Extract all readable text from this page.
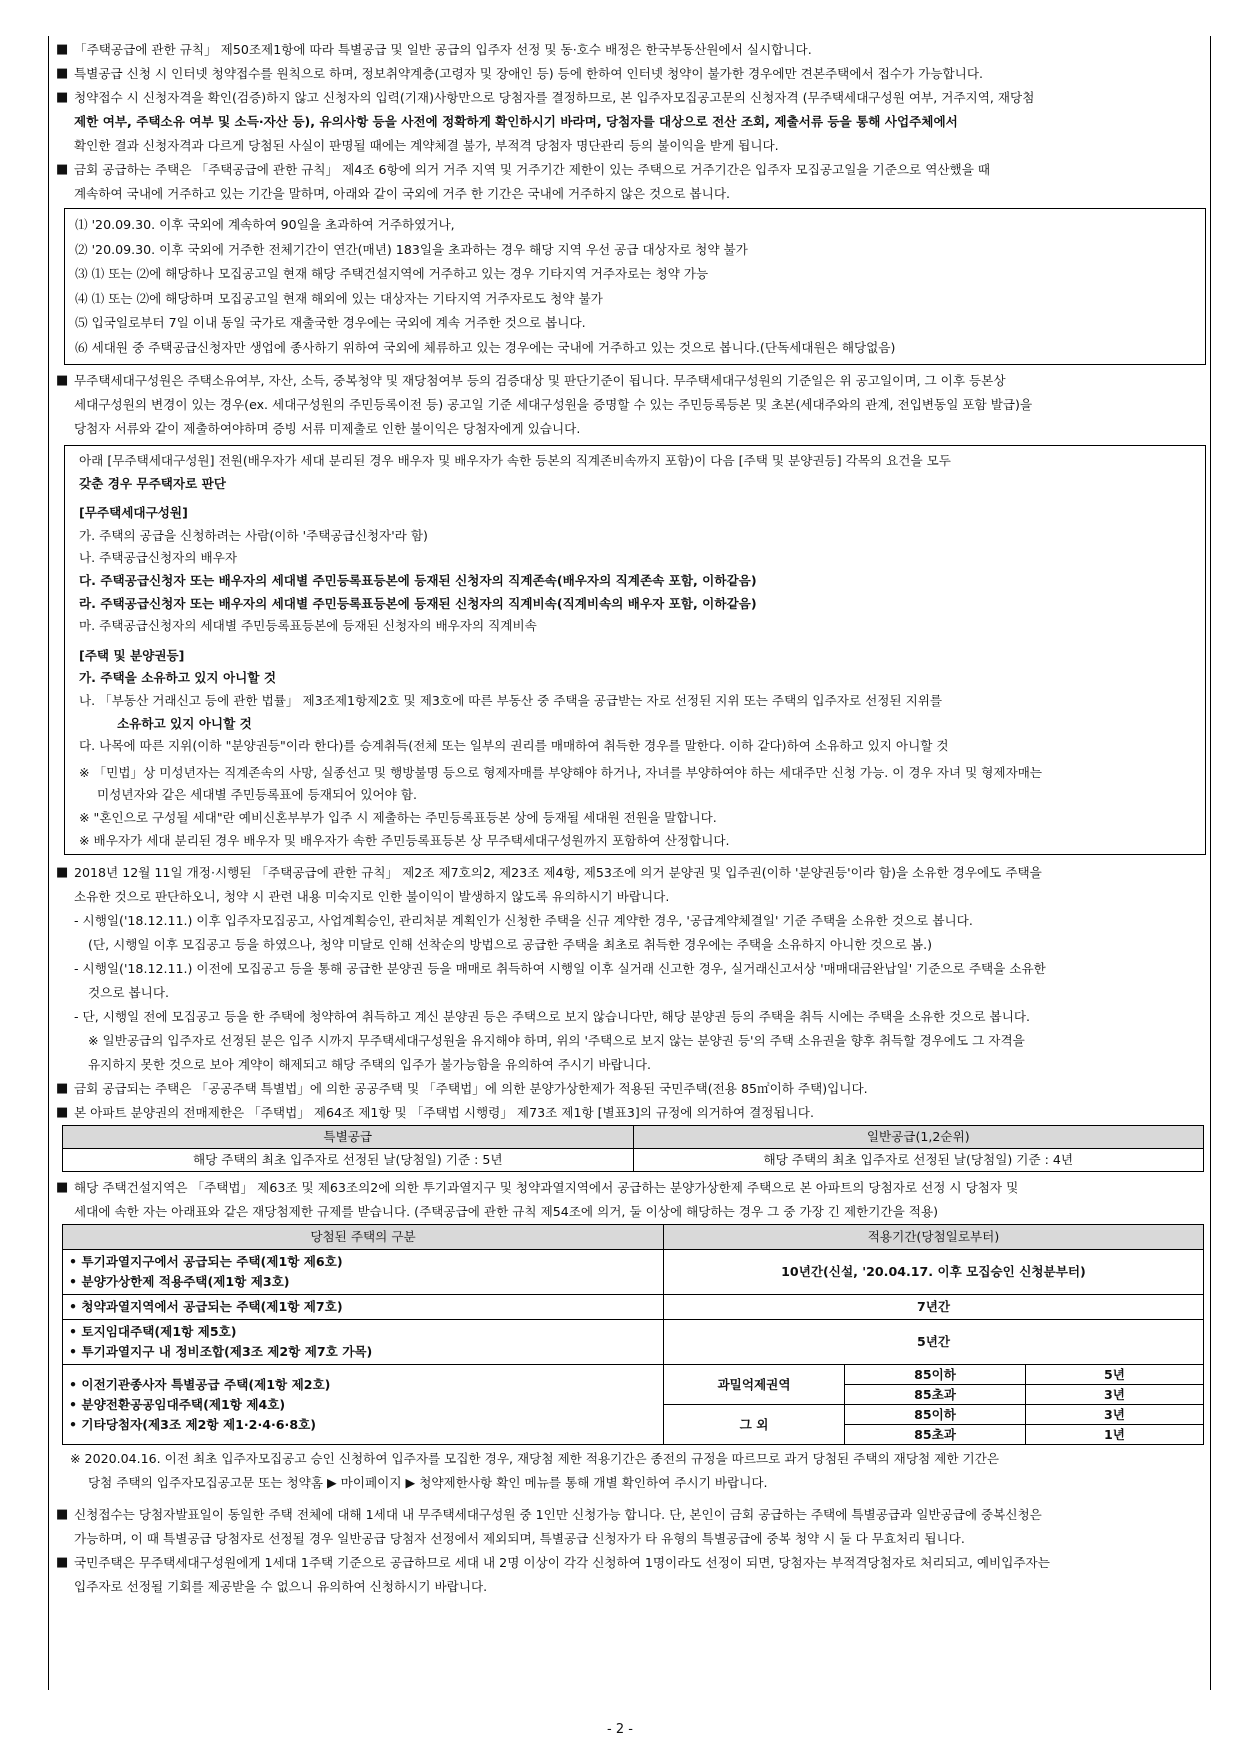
■ 「주택공급에 관한 규칙」 제50조제1항에 따라 특별공급 및 일반 공급의 입주자 선정 및 동·호수 배정은 한국부동산원에서 실시합니다.
■ 특별공급 신청 시 인터넷 청약접수를 원칙으로 하며, 정보취약계층(고령자 및 장애인 등) 등에 한하여 인터넷 청약이 불가한 경우에만 견본주택에서 접수가 가능합니다.
■ 청약접수 시 신청자격을 확인(검증)하지 않고 신청자의 입력(기재)사항만으로 당첨자를 결정하므로, 본 입주자모집공고문의 신청자격 (무주택세대구성원 여부, 거주지역, 재당첨
제한 여부, 주택소유 여부 및 소득·자산 등), 유의사항 등을 사전에 정확하게 확인하시기 바라며, 당첨자를 대상으로 전산 조회, 제출서류 등을 통해 사업주체에서
확인한 결과 신청자격과 다르게 당첨된 사실이 판명될 때에는 계약체결 불가, 부적격 당첨자 명단관리 등의 불이익을 받게 됩니다.
■ 금회 공급하는 주택은 「주택공급에 관한 규칙」 제4조 6항에 의거 거주 지역 및 거주기간 제한이 있는 주택으로 거주기간은 입주자 모집공고일을 기준으로 역산했을 때
계속하여 국내에 거주하고 있는 기간을 말하며, 아래와 같이 국외에 거주 한 기간은 국내에 거주하지 않은 것으로 봅니다.
⑴ '20.09.30. 이후 국외에 계속하여 90일을 초과하여 거주하였거나,
⑵ '20.09.30. 이후 국외에 거주한 전체기간이 연간(매년) 183일을 초과하는 경우 해당 지역 우선 공급 대상자로 청약 불가
⑶ ⑴ 또는 ⑵에 해당하나 모집공고일 현재 해당 주택건설지역에 거주하고 있는 경우 기타지역 거주자로는 청약 가능
⑷ ⑴ 또는 ⑵에 해당하며 모집공고일 현재 해외에 있는 대상자는 기타지역 거주자로도 청약 불가
⑸ 입국일로부터 7일 이내 동일 국가로 재출국한 경우에는 국외에 계속 거주한 것으로 봅니다.
⑹ 세대원 중 주택공급신청자만 생업에 종사하기 위하여 국외에 체류하고 있는 경우에는 국내에 거주하고 있는 것으로 봅니다.(단독세대원은 해당없음)
■ 무주택세대구성원은 주택소유여부, 자산, 소득, 중복청약 및 재당첨여부 등의 검증대상 및 판단기준이 됩니다. 무주택세대구성원의 기준일은 위 공고일이며, 그 이후 등본상
세대구성원의 변경이 있는 경우(ex. 세대구성원의 주민등록이전 등) 공고일 기준 세대구성원을 증명할 수 있는 주민등록등본 및 초본(세대주와의 관계, 전입변동일 포함 발급)을
당첨자 서류와 같이 제출하여야하며 증빙 서류 미제출로 인한 불이익은 당첨자에게 있습니다.
아래 [무주택세대구성원] 전원(배우자가 세대 분리된 경우 배우자 및 배우자가 속한 등본의 직계존비속까지 포함)이 다음 [주택 및 분양권등] 각목의 요건을 모두
갖춘 경우 무주택자로 판단
[무주택세대구성원]
가. 주택의 공급을 신청하려는 사람(이하 '주택공급신청자'라 함)
나. 주택공급신청자의 배우자
다. 주택공급신청자 또는 배우자의 세대별 주민등록표등본에 등재된 신청자의 직계존속(배우자의 직계존속 포함, 이하같음)
라. 주택공급신청자 또는 배우자의 세대별 주민등록표등본에 등재된 신청자의 직계비속(직계비속의 배우자 포함, 이하같음)
마. 주택공급신청자의 세대별 주민등록표등본에 등재된 신청자의 배우자의 직계비속
[주택 및 분양권등]
가. 주택을 소유하고 있지 아니할 것
나. 「부동산 거래신고 등에 관한 법률」 제3조제1항제2호 및 제3호에 따른 부동산 중 주택을 공급받는 자로 선정된 지위 또는 주택의 입주자로 선정된 지위를
소유하고 있지 아니할 것
다. 나목에 따른 지위(이하 "분양권등"이라 한다)를 승계취득(전체 또는 일부의 권리를 매매하여 취득한 경우를 말한다. 이하 같다)하여 소유하고 있지 아니할 것
※ 「민법」상 미성년자는 직계존속의 사망, 실종선고 및 행방불명 등으로 형제자매를 부양해야 하거나, 자녀를 부양하여야 하는 세대주만 신청 가능. 이 경우 자녀 및 형제자매는
미성년자와 같은 세대별 주민등록표에 등재되어 있어야 함.
※ "혼인으로 구성될 세대"란 예비신혼부부가 입주 시 제출하는 주민등록표등본 상에 등재될 세대원 전원을 말합니다.
※ 배우자가 세대 분리된 경우 배우자 및 배우자가 속한 주민등록표등본 상 무주택세대구성원까지 포함하여 산정합니다.
■ 2018년 12월 11일 개정·시행된 「주택공급에 관한 규칙」 제2조 제7호의2, 제23조 제4항, 제53조에 의거 분양권 및 입주권(이하 '분양권등'이라 함)을 소유한 경우에도 주택을
소유한 것으로 판단하오니, 청약 시 관련 내용 미숙지로 인한 불이익이 발생하지 않도록 유의하시기 바랍니다.
- 시행일('18.12.11.) 이후 입주자모집공고, 사업계획승인, 관리처분 계획인가 신청한 주택을 신규 계약한 경우, '공급계약체결일' 기준 주택을 소유한 것으로 봅니다.
(단, 시행일 이후 모집공고 등을 하였으나, 청약 미달로 인해 선착순의 방법으로 공급한 주택을 최초로 취득한 경우에는 주택을 소유하지 아니한 것으로 봄.)
- 시행일('18.12.11.) 이전에 모집공고 등을 통해 공급한 분양권 등을 매매로 취득하여 시행일 이후 실거래 신고한 경우, 실거래신고서상 '매매대금완납일' 기준으로 주택을 소유한
것으로 봅니다.
- 단, 시행일 전에 모집공고 등을 한 주택에 청약하여 취득하고 계신 분양권 등은 주택으로 보지 않습니다만, 해당 분양권 등의 주택을 취득 시에는 주택을 소유한 것으로 봅니다.
※ 일반공급의 입주자로 선정된 분은 입주 시까지 무주택세대구성원을 유지해야 하며, 위의 '주택으로 보지 않는 분양권 등'의 주택 소유권을 향후 취득할 경우에도 그 자격을
유지하지 못한 것으로 보아 계약이 해제되고 해당 주택의 입주가 불가능함을 유의하여 주시기 바랍니다.
■ 금회 공급되는 주택은 「공공주택 특별법」에 의한 공공주택 및 「주택법」에 의한 분양가상한제가 적용된 국민주택(전용 85㎡이하 주택)입니다.
■ 본 아파트 분양권의 전매제한은 「주택법」 제64조 제1항 및 「주택법 시행령」 제73조 제1항 [별표3]의 규정에 의거하여 결정됩니다.
특별공급	일반공급(1,2순위)
해당 주택의 최초 입주자로 선정된 날(당첨일) 기준 : 5년	해당 주택의 최초 입주자로 선정된 날(당첨일) 기준 : 4년
■ 해당 주택건설지역은 「주택법」 제63조 및 제63조의2에 의한 투기과열지구 및 청약과열지역에서 공급하는 분양가상한제 주택으로 본 아파트의 당첨자로 선정 시 당첨자 및
세대에 속한 자는 아래표와 같은 재당첨제한 규제를 받습니다. (주택공급에 관한 규칙 제54조에 의거, 둘 이상에 해당하는 경우 그 중 가장 긴 제한기간을 적용)
당첨된 주택의 구분	적용기간(당첨일로부터)		

• 투기과열지구에서 공급되는 주택(제1항 제6호)
• 분양가상한제 적용주택(제1항 제3호)	10년간(신설, '20.04.17. 이후 모집승인 신청분부터)		
• 청약과열지역에서 공급되는 주택(제1항 제7호)	7년간		

• 토지임대주택(제1항 제5호)
• 투기과열지구 내 정비조합(제3조 제2항 제7호 가목)	5년간		

• 이전기관종사자 특별공급 주택(제1항 제2호)
• 분양전환공공임대주택(제1항 제4호)
• 기타당첨자(제3조 제2항 제1·2·4·6·8호)	과밀억제권역	85이하	5년
		85초과	3년
	그 외	85이하	3년
		85초과	1년
※ 2020.04.16. 이전 최초 입주자모집공고 승인 신청하여 입주자를 모집한 경우, 재당첨 제한 적용기간은 종전의 규정을 따르므로 과거 당첨된 주택의 재당첨 제한 기간은
당첨 주택의 입주자모집공고문 또는 청약홈 ▶ 마이페이지 ▶ 청약제한사항 확인 메뉴를 통해 개별 확인하여 주시기 바랍니다.
■ 신청접수는 당첨자발표일이 동일한 주택 전체에 대해 1세대 내 무주택세대구성원 중 1인만 신청가능 합니다. 단, 본인이 금회 공급하는 주택에 특별공급과 일반공급에 중복신청은
가능하며, 이 때 특별공급 당첨자로 선정될 경우 일반공급 당첨자 선정에서 제외되며, 특별공급 신청자가 타 유형의 특별공급에 중복 청약 시 둘 다 무효처리 됩니다.
■ 국민주택은 무주택세대구성원에게 1세대 1주택 기준으로 공급하므로 세대 내 2명 이상이 각각 신청하여 1명이라도 선정이 되면, 당첨자는 부적격당첨자로 처리되고, 예비입주자는
입주자로 선정될 기회를 제공받을 수 없으니 유의하여 신청하시기 바랍니다.
- 2 -
